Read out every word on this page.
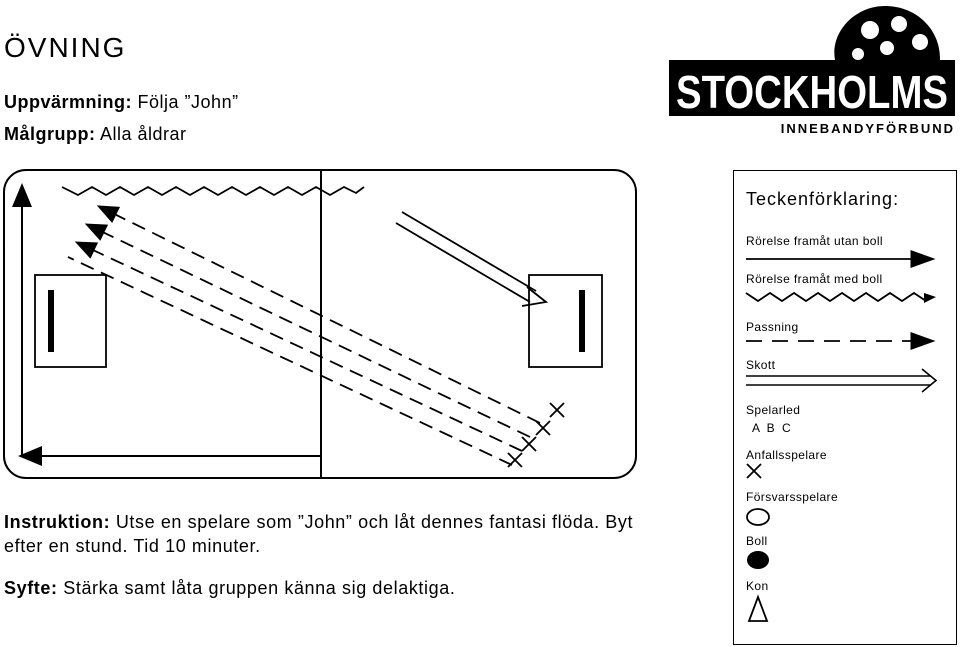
ÖVNING
Uppvärmning: Följa ”John”
Målgrupp: Alla åldrar
STOCKHOLMS
INNEBANDYFÖRBUND
Teckenförklaring:
Rörelse framåt utan boll
Rörelse framåt med boll
Passning
Skott
Spelarled
A B C
Anfallsspelare
Försvarsspelare
Boll
Kon
Instruktion: Utse en spelare som ”John” och låt dennes fantasi flöda. Byt efter en stund. Tid 10 minuter.
Syfte: Stärka samt låta gruppen känna sig delaktiga.
